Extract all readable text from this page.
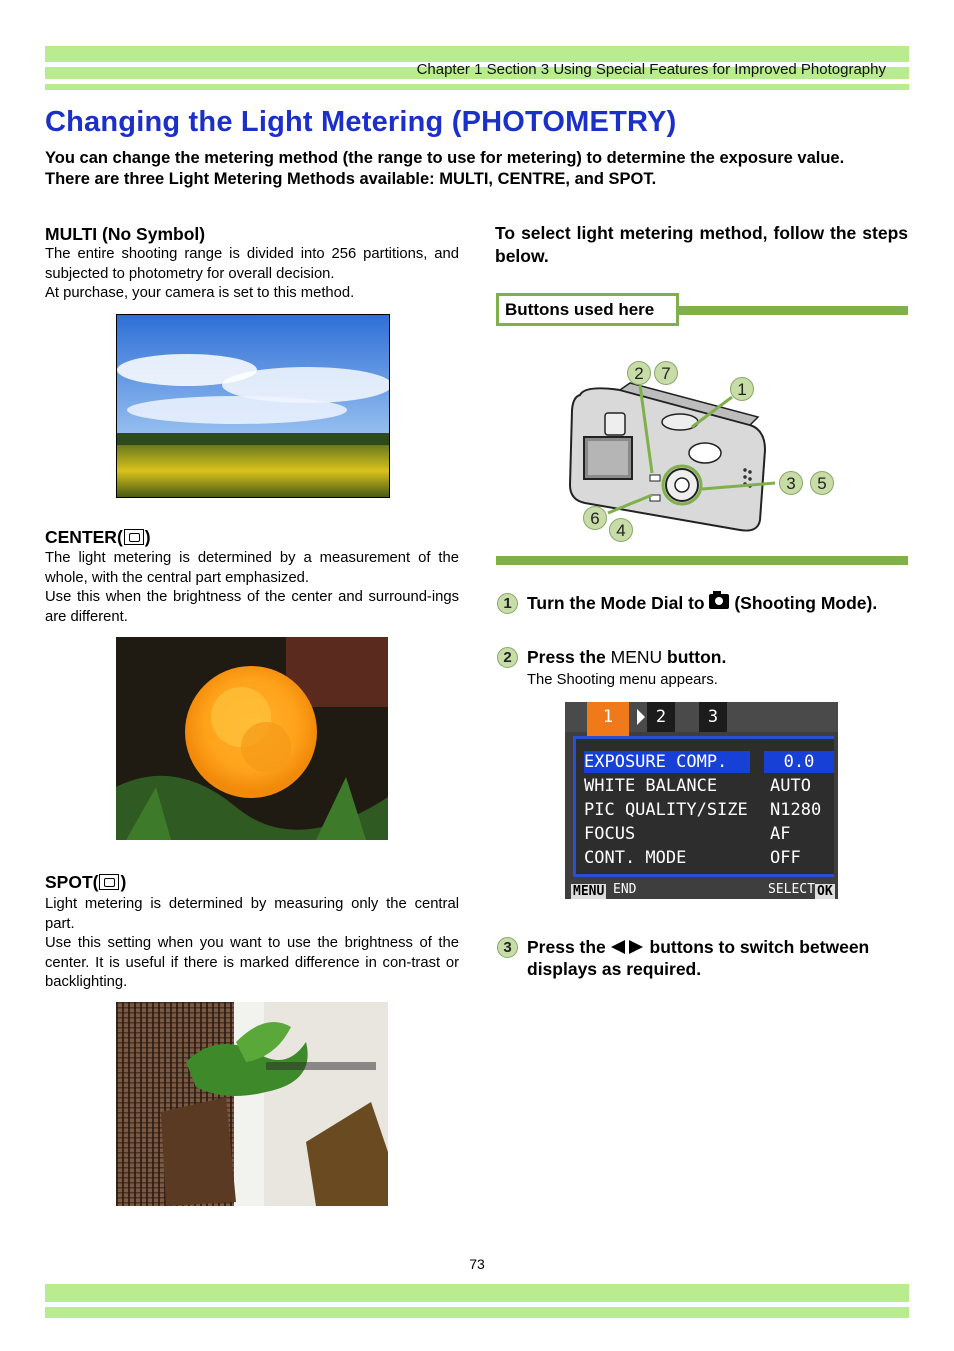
Chapter 1 Section 3 Using Special Features for Improved Photography
Changing the Light Metering (PHOTOMETRY)
You can change the metering method (the range to use for metering) to determine the exposure value.
There are three Light Metering Methods available: MULTI, CENTRE, and SPOT.
MULTI (No Symbol)

The entire shooting range is divided into 256 partitions, and subjected to photometry for overall decision.

At purchase, your camera is set to this method.

CENTER( )

The light metering is determined by a measurement of the whole, with the central part emphasized.

Use this when the brightness of the center and surround-ings are different.

SPOT( )

Light metering is determined by measuring only the central part.

Use this setting when you want to use the brightness of the center. It is useful if there is marked difference in con-trast or backlighting.

To select light metering method, follow the steps below.
Buttons used here
2	7
1
3	5
6
4
1 Turn the Mode Dial to
(Shooting Mode).
2 Press the MENU button.
The Shooting menu appears.
1	2	3
EXPOSURE COMP.	0.0
WHITE BALANCE	AUTO
PIC QUALITY/SIZE N1280
FOCUS	AF
CONT. MODE	OFF
MENU END	SELECT OK
3 Press the
buttons to switch between
displays as required.
73
